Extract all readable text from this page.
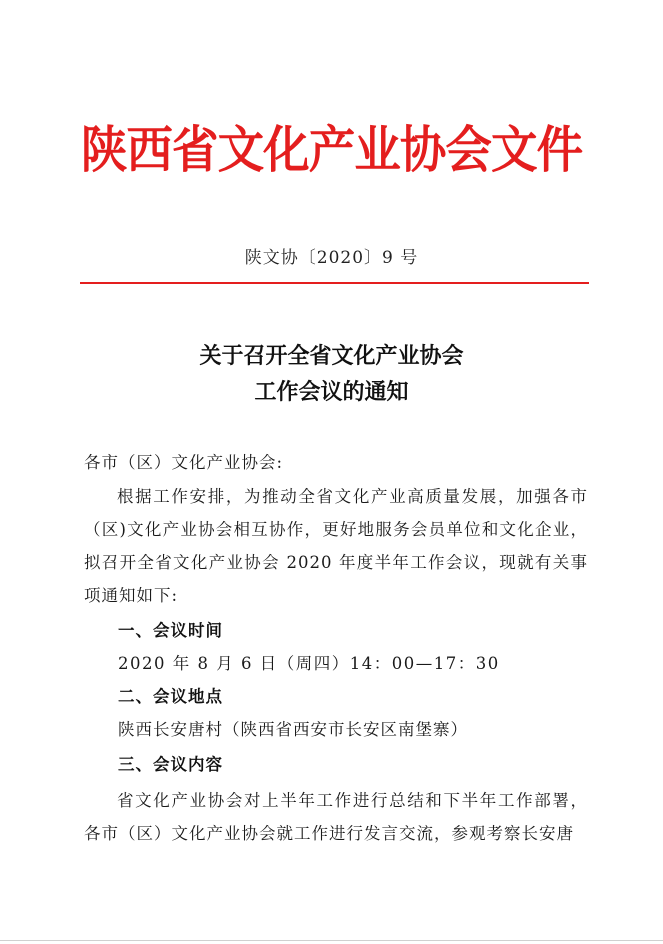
陕西省文化产业协会文件
陕文协〔2020〕9 号
关于召开全省文化产业协会
工作会议的通知
各市（区）文化产业协会:
根据工作安排，为推动全省文化产业高质量发展，加强各市（区)文化产业协会相互协作，更好地服务会员单位和文化企业，拟召开全省文化产业协会 2020 年度半年工作会议，现就有关事项通知如下:
一、会议时间
2020 年 8 月 6 日（周四）14：00—17：30
二、会议地点
陕西长安唐村（陕西省西安市长安区南堡寨）
三、会议内容
省文化产业协会对上半年工作进行总结和下半年工作部署，各市（区）文化产业协会就工作进行发言交流，参观考察长安唐
